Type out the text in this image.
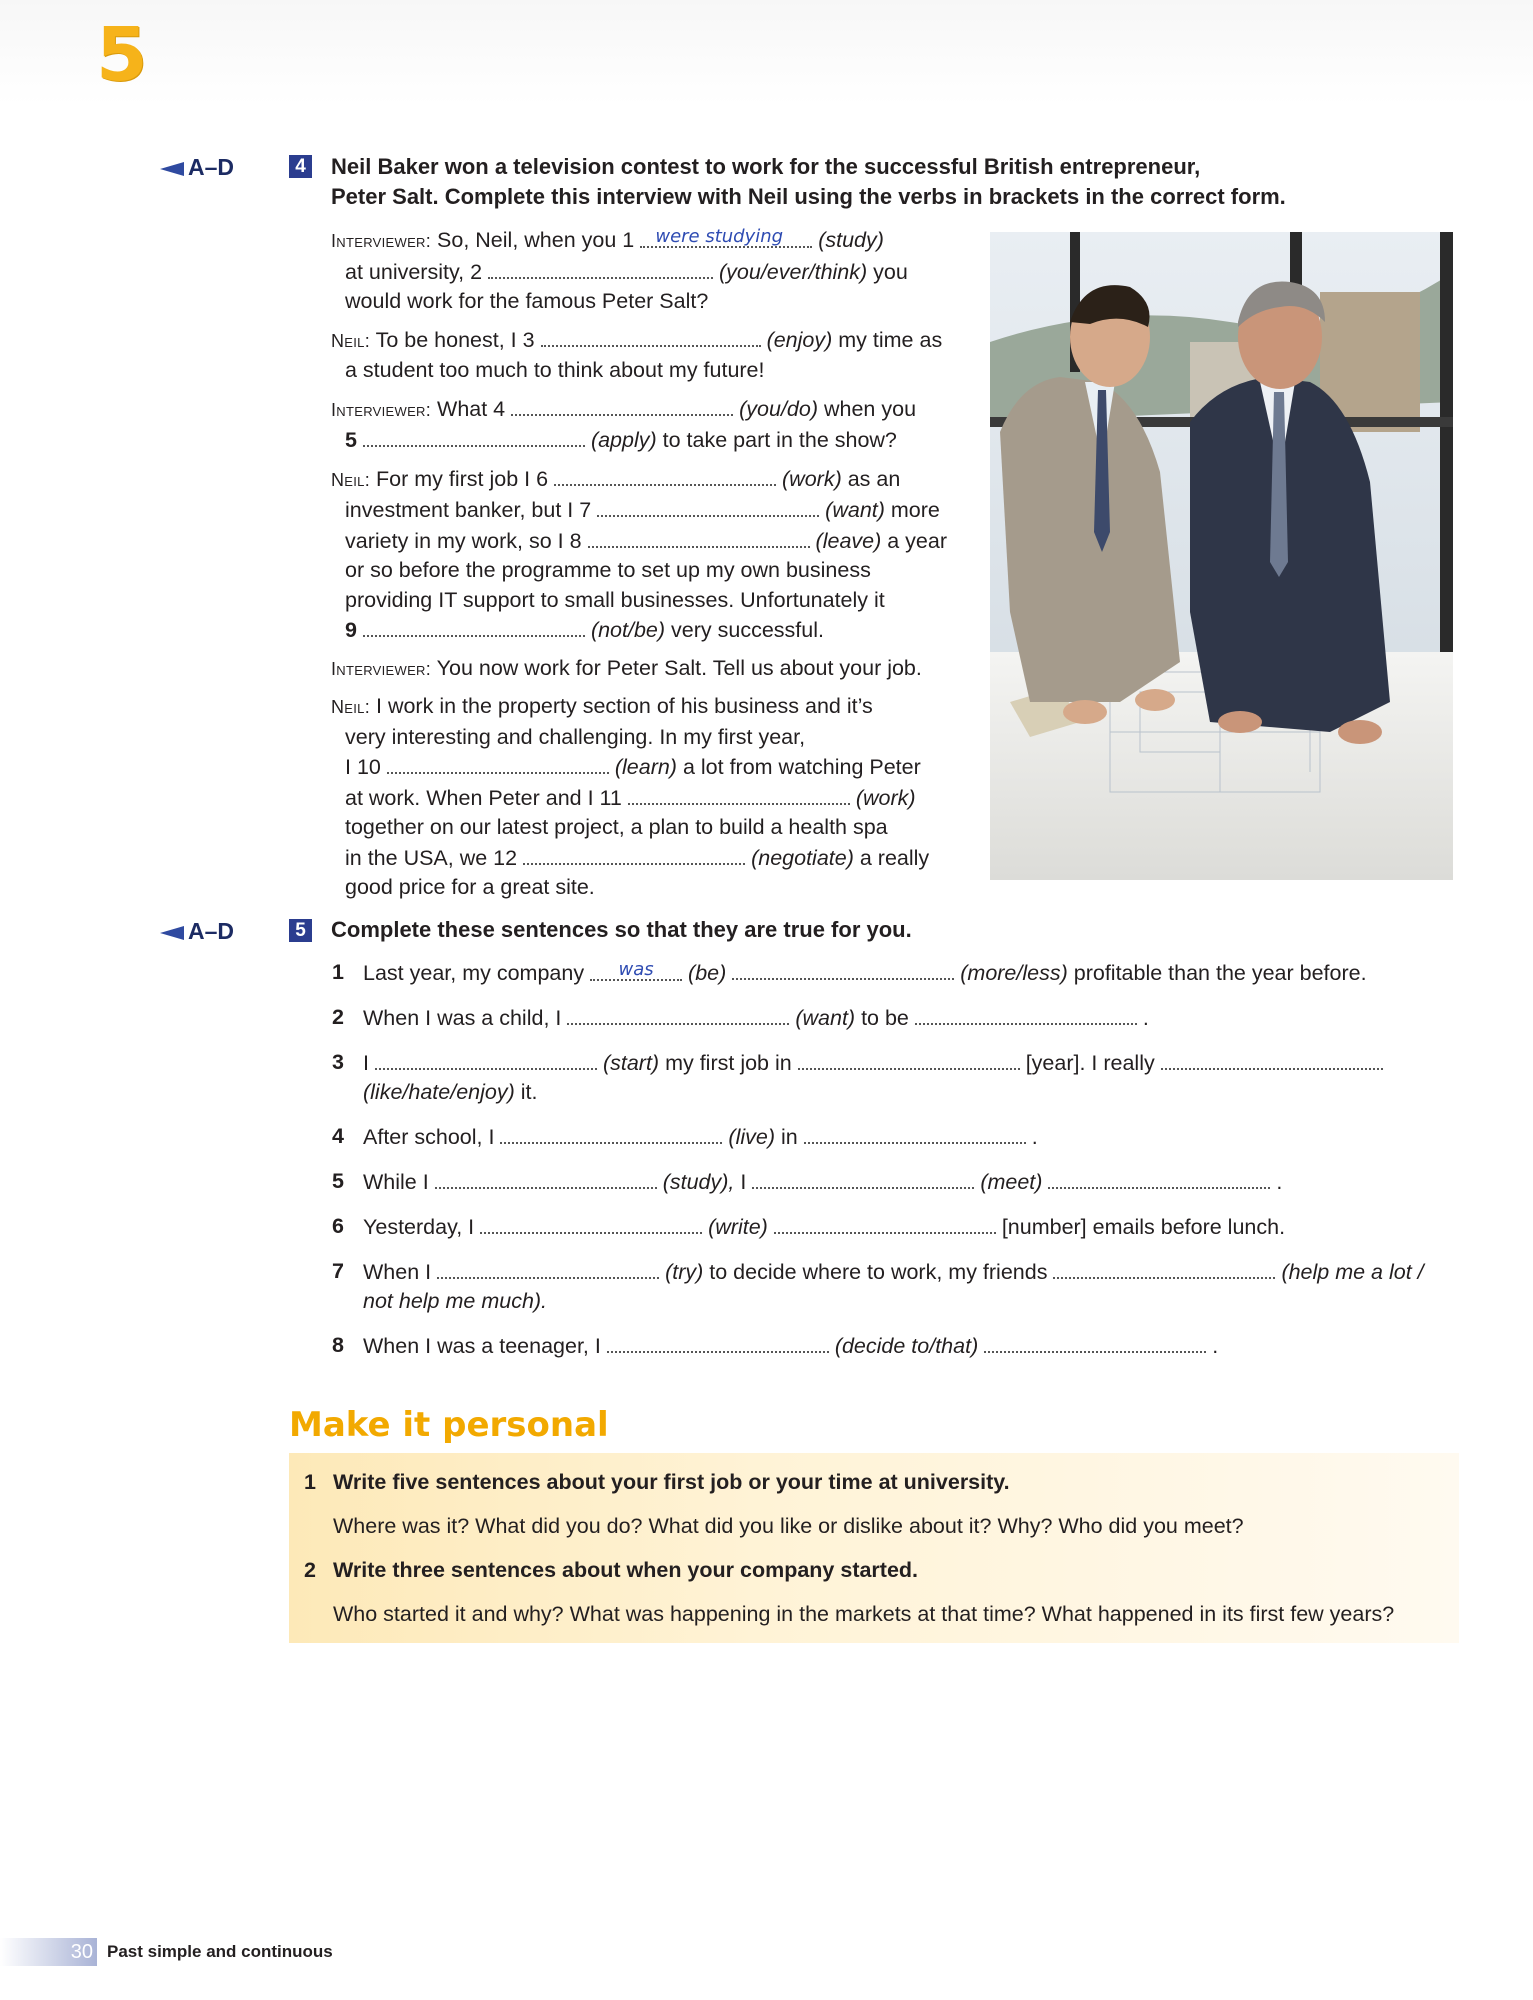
5
A–D	4 Neil Baker won a television contest to work for the successful British entrepreneur,
Peter Salt. Complete this interview with Neil using the verbs in brackets in the correct form.
Interviewer: So, Neil, when you 1 $^{were studying}$ (study)
at university, 2	(you/ever/think) you
would work for the famous Peter Salt?
Neil: To be honest, I 3	(enjoy) my time as
a student too much to think about my future!
Interviewer: What 4	(you/do) when you
5	(apply) to take part in the show?
Neil: For my first job I 6	(work) as an
investment banker, but I 7	(want) more
variety in my work, so I 8	(leave) a year
or so before the programme to set up my own business
providing IT support to small businesses. Unfortunately it
9	(not/be) very successful.
Interviewer: You now work for Peter Salt. Tell us about your job.
Neil: I work in the property section of his business and it’s
very interesting and challenging. In my first year,
I 10	(learn) a lot from watching Peter
at work. When Peter and I 11	(work)
together on our latest project, a plan to build a health spa
in the USA, we 12	(negotiate) a really
good price for a great site.
A–D	5 Complete these sentences so that they are true for you.
1 Last year, my company $^{was}$ (be)	(more/less) profitable than the year before.
2 When I was a child, I	(want) to be	.
3 I	(start) my first job in	[year]. I really
(like/hate/enjoy) it.
4 After school, I	(live) in	.
5 While I	(study), I	(meet)	.
6 Yesterday, I	(write)	[number] emails before lunch.
7 When I	(try) to decide where to work, my friends	(help me a lot /
not help me much).
8 When I was a teenager, I	(decide to/that)	.
Make it personal
1 Write five sentences about your first job or your time at university.
Where was it? What did you do? What did you like or dislike about it? Why? Who did you meet?
2 Write three sentences about when your company started.
Who started it and why? What was happening in the markets at that time? What happened in its first few years?
30 Past simple and continuous
